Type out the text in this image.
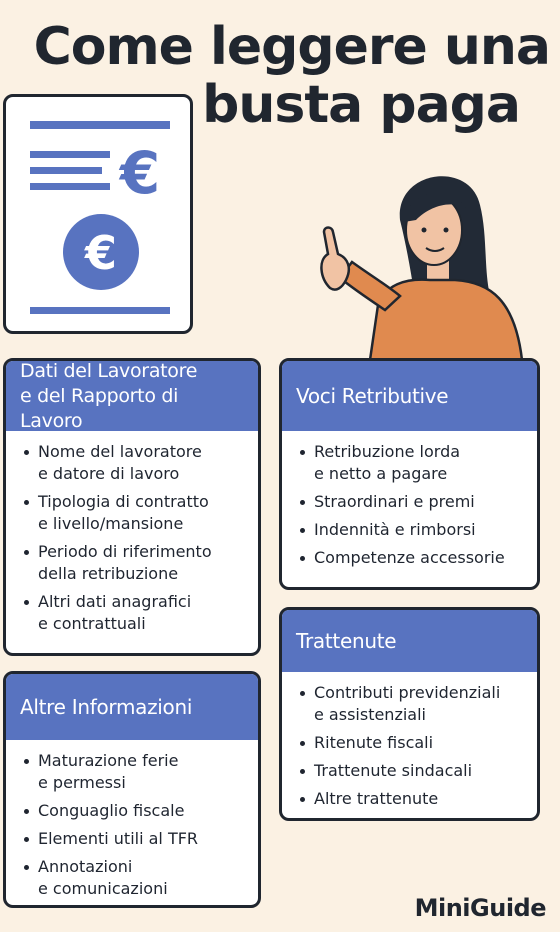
Come leggere una
busta paga
€
€
Dati del Lavoratore
e del Rapporto di Lavoro
Nome del lavoratore
e datore di lavoro
Tipologia di contratto
e livello/mansione
Periodo di riferimento
della retribuzione
Altri dati anagrafici
e contrattuali
Voci Retributive
Retribuzione lorda
e netto a pagare
Straordinari e premi
Indennità e rimborsi
Competenze accessorie
Altre Informazioni
Maturazione ferie
e permessi
Conguaglio fiscale
Elementi utili al TFR
Annotazioni
e comunicazioni
Trattenute
Contributi previdenziali
e assistenziali
Ritenute fiscali
Trattenute sindacali
Altre trattenute
MiniGuide
